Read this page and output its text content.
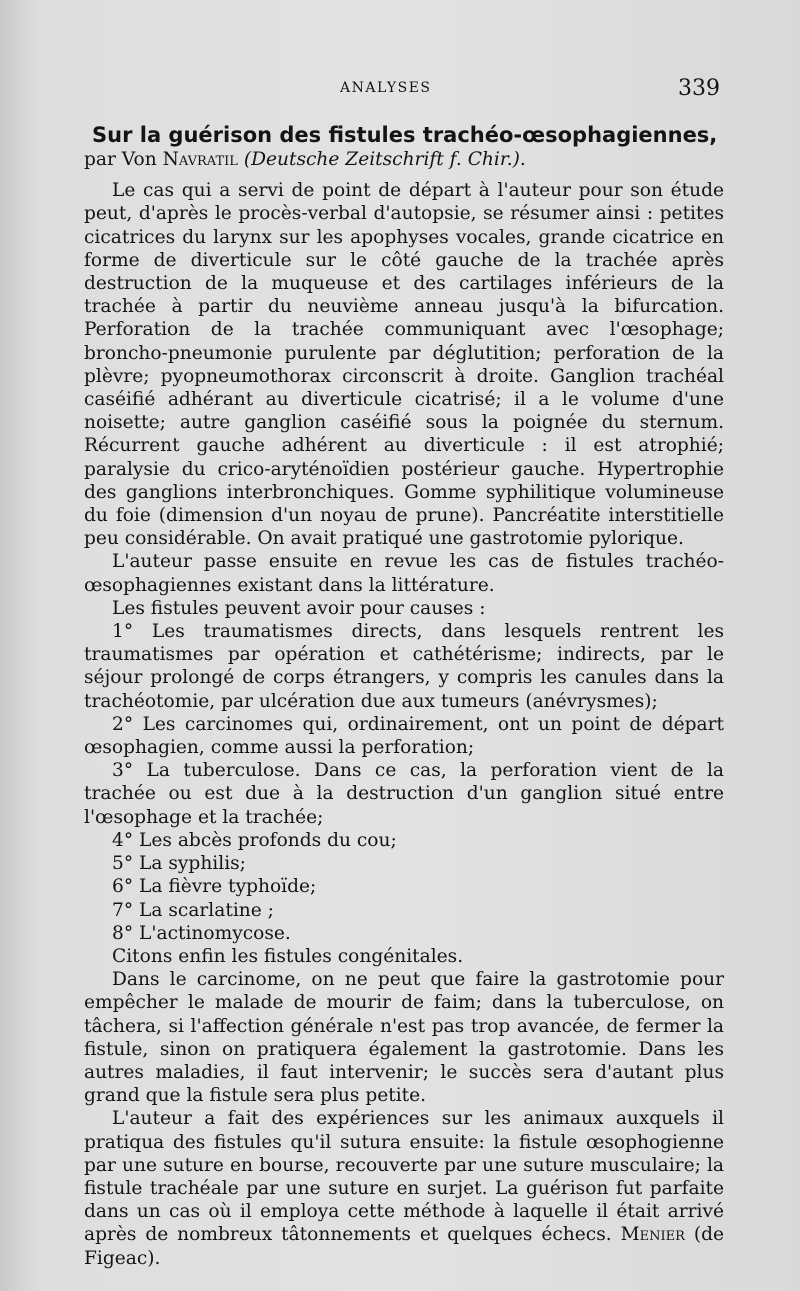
ANALYSES	339
Sur la guérison des fistules trachéo-œsophagiennes,

par Von Navratil (Deutsche Zeitschrift f. Chir.).

Le cas qui a servi de point de départ à l'auteur pour son étude peut, d'après le procès-verbal d'autopsie, se résumer ainsi : petites cicatrices du larynx sur les apophyses vocales, grande cicatrice en forme de diverticule sur le côté gauche de la trachée après destruction de la muqueuse et des cartilages inférieurs de la trachée à partir du neuvième anneau jusqu'à la bifurcation. Perforation de la trachée communiquant avec l'œsophage; broncho-pneumonie purulente par déglutition; perforation de la plèvre; pyopneumothorax circonscrit à droite. Ganglion trachéal caséifié adhérant au diverticule cicatrisé; il a le volume d'une noisette; autre ganglion caséifié sous la poignée du sternum. Récurrent gauche adhérent au diverticule : il est atrophié; paralysie du crico-aryténoïdien postérieur gauche. Hypertrophie des ganglions interbronchiques. Gomme syphilitique volumineuse du foie (dimension d'un noyau de prune). Pancréatite interstitielle peu considérable. On avait pratiqué une gastrotomie pylorique.

L'auteur passe ensuite en revue les cas de fistules trachéo-œsophagiennes existant dans la littérature.

Les fistules peuvent avoir pour causes :

1° Les traumatismes directs, dans lesquels rentrent les traumatismes par opération et cathétérisme; indirects, par le séjour prolongé de corps étrangers, y compris les canules dans la trachéotomie, par ulcération due aux tumeurs (anévrysmes);

2° Les carcinomes qui, ordinairement, ont un point de départ œsophagien, comme aussi la perforation;

3° La tuberculose. Dans ce cas, la perforation vient de la trachée ou est due à la destruction d'un ganglion situé entre l'œsophage et la trachée;

4° Les abcès profonds du cou;

5° La syphilis;

6° La fièvre typhoïde;

7° La scarlatine ;

8° L'actinomycose.

Citons enfin les fistules congénitales.

Dans le carcinome, on ne peut que faire la gastrotomie pour empêcher le malade de mourir de faim; dans la tuberculose, on tâchera, si l'affection générale n'est pas trop avancée, de fermer la fistule, sinon on pratiquera également la gastrotomie. Dans les autres maladies, il faut intervenir; le succès sera d'autant plus grand que la fistule sera plus petite.

L'auteur a fait des expériences sur les animaux auxquels il pratiqua des fistules qu'il sutura ensuite: la fistule œsophogienne par une suture en bourse, recouverte par une suture musculaire; la fistule trachéale par une suture en surjet. La guérison fut parfaite dans un cas où il employa cette méthode à laquelle il était arrivé après de nombreux tâtonnements et quelques échecs. Menier (de Figeac).
